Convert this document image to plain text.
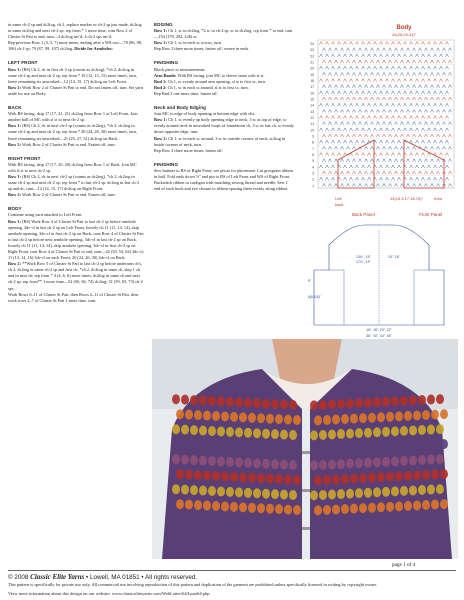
in same ch-2 sp and dc2tog, ch 2, replace marker in ch-2 sp just made, dc2tog in same dc2tog and next ch-2 sp; rep from * 1 more time, cont Row 2 of Cluster St Patt to end, turn—4 dc2tog inc'd; 4 ch-2 sps inc'd.

Rep previous Row 1 (3, 5, 7) more times, ending after a WS row—78 (86, 98, 106) ch-2 sp; 79 (87, 99, 107) dc2tog. Divide for Armholes:

LEFT FRONT

Row 1: (RS) Ch 2, dc in first ch-2 sp (counts as dc2tog), *ch 2, dc2tog in same ch-2 sp and next ch-2 sp, rep from * 10 (12, 13, 15) more times, turn, leave remaining sts unworked—12 (14, 15, 17) dc2tog on Left Front.

Row 2: Work Row 2 of Cluster St Patt to end. Do not fasten off, turn. Set yarn aside for use on Body.

BACK

With RS facing, skip 17 (17, 21, 21) dc2tog from Row 1 of Left Front. Join another ball of MC with sl st to next ch-2 sp.

Row 1: (RS) Ch 2, dc in next ch-2 sp (counts as dc2tog), *ch 2, dc2tog in same ch-2 sp and next ch-2 sp, rep from * 20 (24, 28, 30) more times, turn, leave remaining sts unworked—21 (25, 27, 31) dc2tog on Back.

Row 2: Work Row 2 of Cluster St Patt to end. Fasten off, turn.

RIGHT FRONT

With RS facing, skip 17 (17, 20, 20) dc2tog from Row 1 of Back. Join MC with sl st to next ch-2 sp.

Row 1: (RS) Ch 2, dc in next ch-2 sp (counts as dc2tog), *ch 2, dc2tog in same ch-2 sp and next ch-2 sp, rep from * to last ch-2 sp, dc2tog in last ch-2 sp and dc, turn—12 (14, 15, 17) dc2tog on Right Front.

Row 2: Work Row 2 of Cluster St Patt to end. Fasten off, turn.

BODY

Continue using yarn attached to Left Front.

Row 1: (RS) Work Row 4 of Cluster St Patt to last ch-2 sp before armhole opening, 3dc-cl in last ch-2 sp on Left Front, loosely ch 11 (11, 14, 14), skip armhole opening, 3dc-cl in first ch-2 sp on Back, cont Row 4 of Cluster St Patt to last ch-2 sp before next armhole opening, 3dc-cl in last ch-2 sp on Back, loosely ch 11 (11, 14, 14), skip armhole opening, 3dc-cl in first ch-2 sp on Right Front, cont Row 4 of Cluster St Patt to end, turn—42 (50, 54, 62) 3dc-cl; 11 (13, 14, 16) 3dc-cl on each Front; 20 (24, 26, 30) 3dc-cl on Back.

Row 2: **Work Row 5 of Cluster St Patt to last ch-2 sp before underarm ch's, ch 2, dc2tog in same ch-2 sp and first ch, *ch 2, dc2tog in same ch, skip 1 ch and in next ch; rep from * 4 (4, 6, 6) more times, dc2tog in same ch and next ch-2 sp; rep from** 1 more time—52 (60, 66, 74) dc2tog; 51 (59, 65, 73) ch-2 sps.

Work Rows 6–11 of Cluster St Patt, then Rows 2–11 of Cluster St Patt, then work rows 2–7 of Cluster St Patt 1 more time, turn.

EDGING

Row 1: Ch 1, sc in dc2tog, *2 sc in ch-2 sp, sc in dc2tog, rep from * to end, turn—154 (178, 202, 226) sc.

Row 2: Ch 1, sc in each sc across, turn.

Rep Row 2 three more times, fasten off, weave in ends.

FINISHING

Block piece to measurements.

Arm Bands: With RS facing, join MC to sleeve seam with sl st.

Rnd 1: Ch 1, sc evenly around arm opening, sl st to first sc, turn.

Rnd 2: Ch 1, sc in each sc around, sl st to first sc, turn.

Rep Rnd 2 one more time, fasten off.

Neck and Body Edging

Join MC to edge of body opening at bottom edge with slst.

Row 1: Ch 1, sc evenly up body opening edge to neck, 3 sc at top of edge, sc evenly around neck in unworked loops of foundation ch, 3 sc in last ch, sc evenly down opposite edge, turn.

Row 2: Ch 1, sc in each sc around, 3 sc in outside corners of neck, sc2tog in inside corners of neck, turn.

Rep Row 2 three more times, fasten off.

FINISHING

Sew buttons to RS of Right Front, see photo for placement. Cut grosgrain ribbon in half. Fold ends down ½" and pin to RS of Left Front and WS of Right Front. Backstitch ribbon to cardigan with matching sewing thread and needle. Sew 1 end of each hook and eye closure to ribbon spacing them evenly along ribbon.

Body
24(26,29,31)"
24
23
22
21
20
19
18
17
16
15
14
13
12
11
10
9
8
7
6
5
4
3
2
1
Left
back
Back Panel
14(15.5,17,18.75)"
Front Panel
front
13¾", 15"
17¼", 19"
15", 16"
6(6,8,8)"
5"
16", 18", 20", 22"
36", 40", 44", 48"
page 1 of 4
© 2008 Classic Elite Yarns • Lowell, MA 01851 • All rights reserved.
This pattern is specifically for private use only. All commercial use involving reproduction of this pattern and duplication of the garment are prohibited unless specifically licensed in writing by copyright owner.
View more information about this design on our website: www.classiceliteyarns.com/WebLetter/64/Issue64.php
